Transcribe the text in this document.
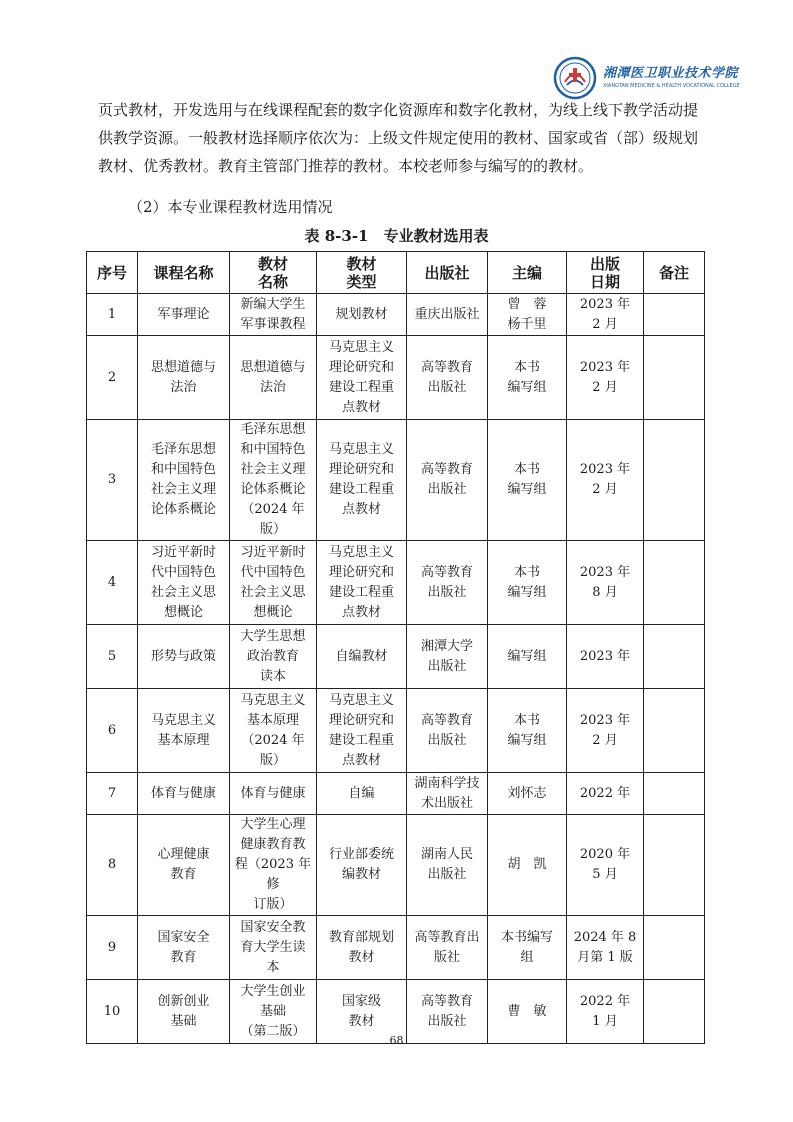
湘潭医卫职业技术学院
XIANGTAN MEDICINE & HEALTH VOCATIONAL COLLEGE

页式教材，开发选用与在线课程配套的数字化资源库和数字化教材，为线上线下教学活动提供教学资源。一般教材选择顺序依次为：上级文件规定使用的教材、国家或省（部）级规划教材、优秀教材。教育主管部门推荐的教材。本校老师参与编写的的教材。

（2）本专业课程教材选用情况
表 8-3-1　专业教材选用表
序号	课程名称	教材
名称	教材
类型	出版社	主编	出版
日期	备注
1	军事理论	新编大学生
军事课教程	规划教材	重庆出版社	曾　蓉
杨千里	2023 年
2 月	
2	思想道德与
法治	思想道德与
法治	马克思主义
理论研究和
建设工程重
点教材	高等教育
出版社	本书
编写组	2023 年
2 月	
3	毛泽东思想
和中国特色
社会主义理
论体系概论	毛泽东思想
和中国特色
社会主义理
论体系概论
（2024 年版）	马克思主义
理论研究和
建设工程重
点教材	高等教育
出版社	本书
编写组	2023 年
2 月	
4	习近平新时
代中国特色
社会主义思
想概论	习近平新时
代中国特色
社会主义思
想概论	马克思主义
理论研究和
建设工程重
点教材	高等教育
出版社	本书
编写组	2023 年
8 月	
5	形势与政策	大学生思想
政治教育
读本	自编教材	湘潭大学
出版社	编写组	2023 年	
6	马克思主义
基本原理	马克思主义
基本原理
（2024 年版）	马克思主义
理论研究和
建设工程重
点教材	高等教育
出版社	本书
编写组	2023 年
2 月	
7	体育与健康	体育与健康	自编	湖南科学技
术出版社	刘怀志	2022 年	
8	心理健康
教育	大学生心理
健康教育教
程（2023 年修
订版）	行业部委统
编教材	湖南人民
出版社	胡　凯	2020 年
5 月	
9	国家安全
教育	国家安全教
育大学生读
本	教育部规划
教材	高等教育出
版社	本书编写
组	2024 年 8
月第 1 版	
10	创新创业
基础	大学生创业
基础
（第二版）	国家级
教材	高等教育
出版社	曹　敏	2022 年
1 月	
68
